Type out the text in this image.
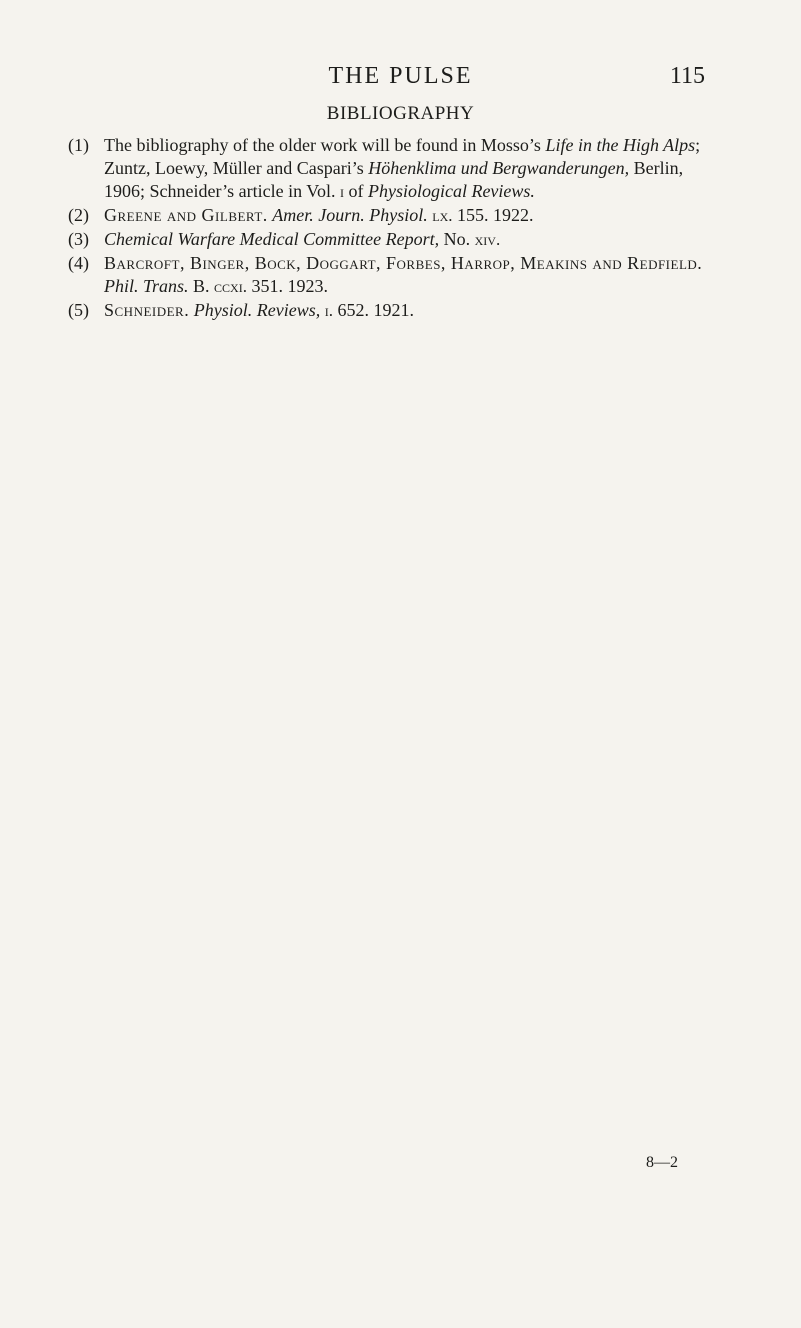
THE PULSE	115
BIBLIOGRAPHY
(1) The bibliography of the older work will be found in Mosso’s Life in the High Alps; Zuntz, Loewy, Müller and Caspari’s Höhenklima und Bergwanderungen, Berlin, 1906; Schneider’s article in Vol. i of Physiological Reviews.
(2) Greene and Gilbert. Amer. Journ. Physiol. lx. 155. 1922.
(3) Chemical Warfare Medical Committee Report, No. xiv.
(4) Barcroft, Binger, Bock, Doggart, Forbes, Harrop, Meakins and Redfield. Phil. Trans. B. ccxi. 351. 1923.
(5) Schneider. Physiol. Reviews, i. 652. 1921.
8—2
